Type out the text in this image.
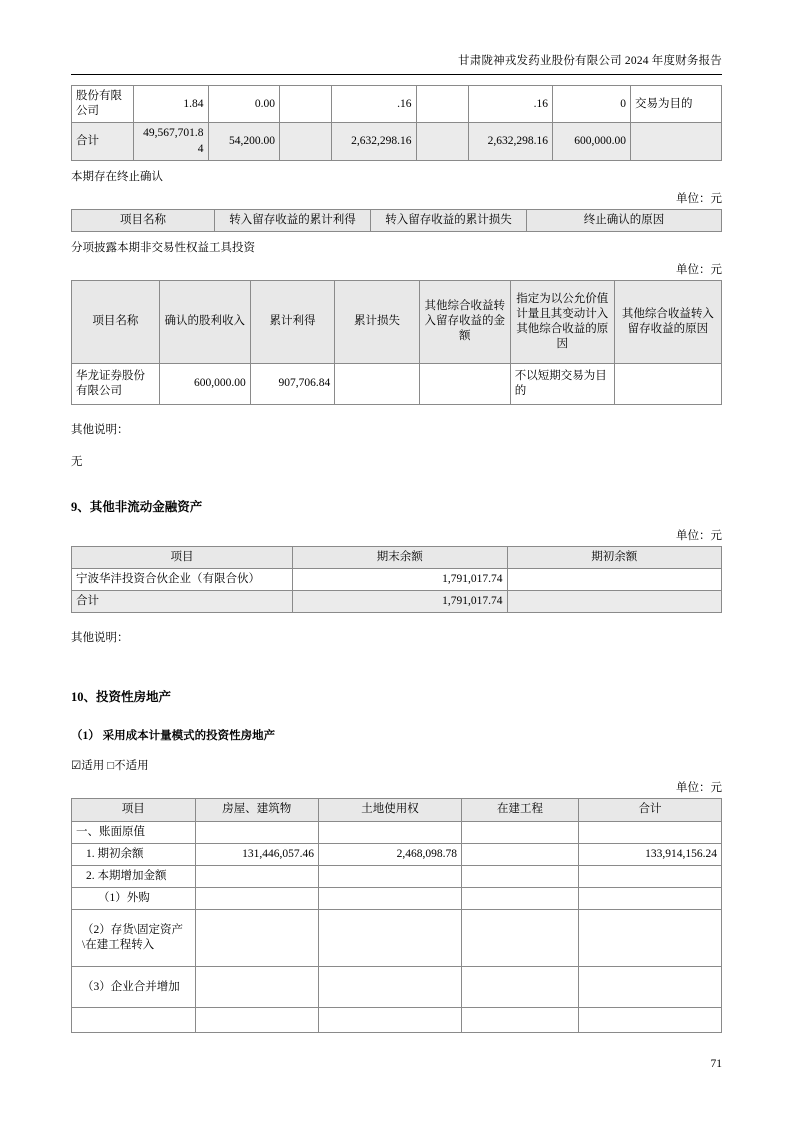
甘肃陇神戎发药业股份有限公司 2024 年度财务报告
股份有限公司	1.84	0.00		.16		.16	0	交易为目的
合计	49,567,701.84	54,200.00		2,632,298.16		2,632,298.16	600,000.00	
本期存在终止确认
单位：元
项目名称	转入留存收益的累计利得	转入留存收益的累计损失	终止确认的原因
分项披露本期非交易性权益工具投资
单位：元
项目名称	确认的股利收入	累计利得	累计损失	其他综合收益转入留存收益的金额	指定为以公允价值计量且其变动计入其他综合收益的原因	其他综合收益转入留存收益的原因
华龙证券股份有限公司	600,000.00	907,706.84			不以短期交易为目的	
其他说明：
无
9、其他非流动金融资产
单位：元
项目	期末余额	期初余额
宁波华沣投资合伙企业（有限合伙）	1,791,017.74	
合计	1,791,017.74	
其他说明：
10、投资性房地产
（1） 采用成本计量模式的投资性房地产
☑适用 □不适用
单位：元
项目	房屋、建筑物	土地使用权	在建工程	合计
一、账面原值				
1. 期初余额	131,446,057.46	2,468,098.78		133,914,156.24
2. 本期增加金额				
（1）外购				
（2）存货\固定资产\在建工程转入				
（3）企业合并增加				

71
